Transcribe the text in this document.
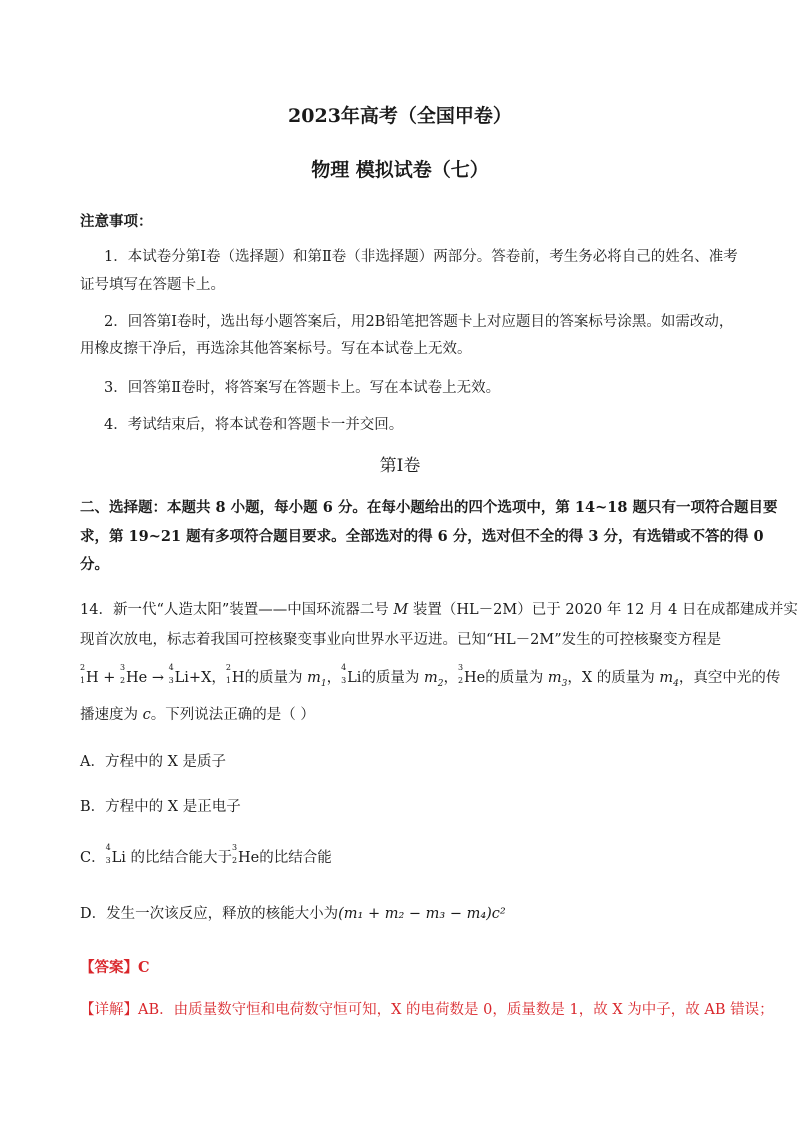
2023年高考（全国甲卷）
物理 模拟试卷（七）
注意事项：
1．本试卷分第Ⅰ卷（选择题）和第Ⅱ卷（非选择题）两部分。答卷前，考生务必将自己的姓名、准考
证号填写在答题卡上。
2．回答第Ⅰ卷时，选出每小题答案后，用2B铅笔把答题卡上对应题目的答案标号涂黑。如需改动，
用橡皮擦干净后，再选涂其他答案标号。写在本试卷上无效。
3．回答第Ⅱ卷时，将答案写在答题卡上。写在本试卷上无效。
4．考试结束后，将本试卷和答题卡一并交回。
第Ⅰ卷
二、选择题：本题共 8 小题，每小题 6 分。在每小题给出的四个选项中，第 14~18 题只有一项符合题目要
求，第 19~21 题有多项符合题目要求。全部选对的得 6 分，选对但不全的得 3 分，有选错或不答的得 0
分。
14．新一代“人造太阳”装置——中国环流器二号 M 装置（HL－2M）已于 2020 年 12 月 4 日在成都建成并实
现首次放电，标志着我国可控核聚变事业向世界水平迈进。已知“HL－2M”发生的可控核聚变方程是
2
1 H +
3
2 He →
4
3 Li+X，
2
1 H的质量为 $m_1$，
4
3 Li的质量为 $m_2$，
3
2 He的质量为 $m_3$，X 的质量为 $m_4$，真空中光的传
播速度为 c。下列说法正确的是（ ）
A．方程中的 X 是质子
B．方程中的 X 是正电子
C．
4
3 Li 的比结合能大于
3
2 He的比结合能
D．发生一次该反应，释放的核能大小为(m₁ + m₂ − m₃ − m₄)c²
【答案】C
【详解】AB．由质量数守恒和电荷数守恒可知，X 的电荷数是 0，质量数是 1，故 X 为中子，故 AB 错误；
